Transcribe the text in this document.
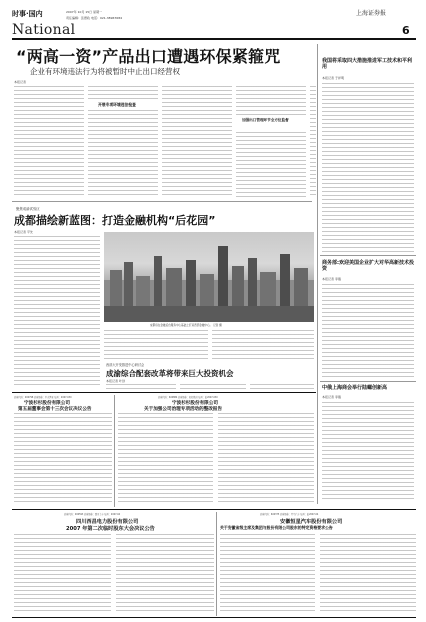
时事·国内
National
2007年 10月 15日 星期一
责任编辑：张德政 电话：021-38967684
上海证券报
6
“两高一资”产品出口遭遇环保紧箍咒
企业有环境违法行为将被暂时中止出口经营权
本报记者
开展专项环境违法检查
加强出口管理环节全方位监督
我国将采取四大措施推进军工技术和平利用
本报记者 于祥明
商务部:欢迎美国企业扩大对华高新技术投资
本报记者 李雁
中俄上海商会举行陆螺创新高
本报记者 李雁
聚焦成渝试验区
成都描绘新蓝图：打造金融机构“后花园”
本报记者 平先
成都将在金融后台服务中心基础上打造西部金融中心。 记者 摄
西部大开发推进中心研讨会
成渝综合配套改革将带来巨大投资机会
本报记者 叶剑
证券代码：000798 证券简称：中水渔业 编号：2007-030
宁波杉杉股份有限公司
第五届董事会第十三次会议决议公告
证券代码：600884 证券简称：杉杉股份 编号：临2007-030
宁波杉杉股份有限公司
关于加强公司治理专项活动的整改报告
证券代码：000593 证券简称：四川美丰 编号：2007-04
四川西昌电力股份有限公司
2007 年第二次临时股东大会决议公告
证券代码：600375 证券简称：星马汽车 编号：临2007-04
安徽恒星汽车股份有限公司
关于安徽省级主席及集团与股份有限公司股东的特定资格要求公告
